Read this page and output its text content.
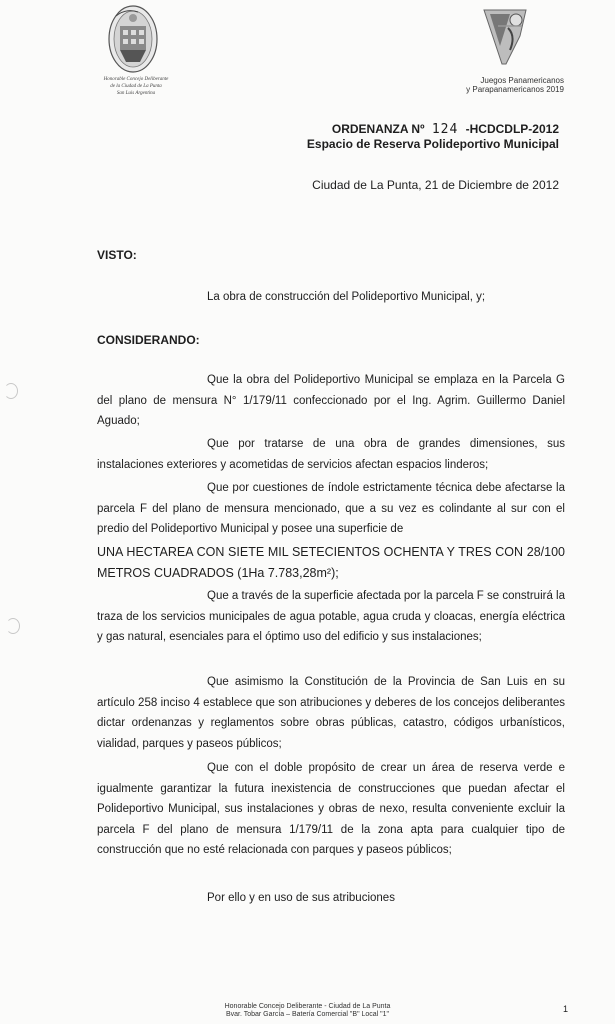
Honorable Concejo Deliberante
de la Ciudad de La Punta
San Luis Argentina
Juegos Panamericanos
y Parapanamericanos 2019
ORDENANZA Nº 124 -HCDCDLP-2012
Espacio de Reserva Polideportivo Municipal
Ciudad de La Punta, 21 de Diciembre de 2012
VISTO:
La obra de construcción del Polideportivo Municipal, y;
CONSIDERANDO:
Que la obra del Polideportivo Municipal se emplaza en la Parcela G del plano de mensura N° 1/179/11 confeccionado por el Ing. Agrim. Guillermo Daniel Aguado;
Que por tratarse de una obra de grandes dimensiones, sus instalaciones exteriores y acometidas de servicios afectan espacios linderos;
Que por cuestiones de índole estrictamente técnica debe afectarse la parcela F del plano de mensura mencionado, que a su vez es colindante al sur con el predio del Polideportivo Municipal y posee una superficie de
UNA HECTAREA CON SIETE MIL SETECIENTOS OCHENTA Y TRES CON 28/100 METROS CUADRADOS (1Ha 7.783,28m²);
Que a través de la superficie afectada por la parcela F se construirá la traza de los servicios municipales de agua potable, agua cruda y cloacas, energía eléctrica y gas natural, esenciales para el óptimo uso del edificio y sus instalaciones;
Que asimismo la Constitución de la Provincia de San Luis en su artículo 258 inciso 4 establece que son atribuciones y deberes de los concejos deliberantes dictar ordenanzas y reglamentos sobre obras públicas, catastro, códigos urbanísticos, vialidad, parques y paseos públicos;
Que con el doble propósito de crear un área de reserva verde e igualmente garantizar la futura inexistencia de construcciones que puedan afectar el Polideportivo Municipal, sus instalaciones y obras de nexo, resulta conveniente excluir la parcela F del plano de mensura 1/179/11 de la zona apta para cualquier tipo de construcción que no esté relacionada con parques y paseos públicos;
Por ello y en uso de sus atribuciones
Honorable Concejo Deliberante - Ciudad de La Punta
Bvar. Tobar García – Batería Comercial "B" Local "1"
1
